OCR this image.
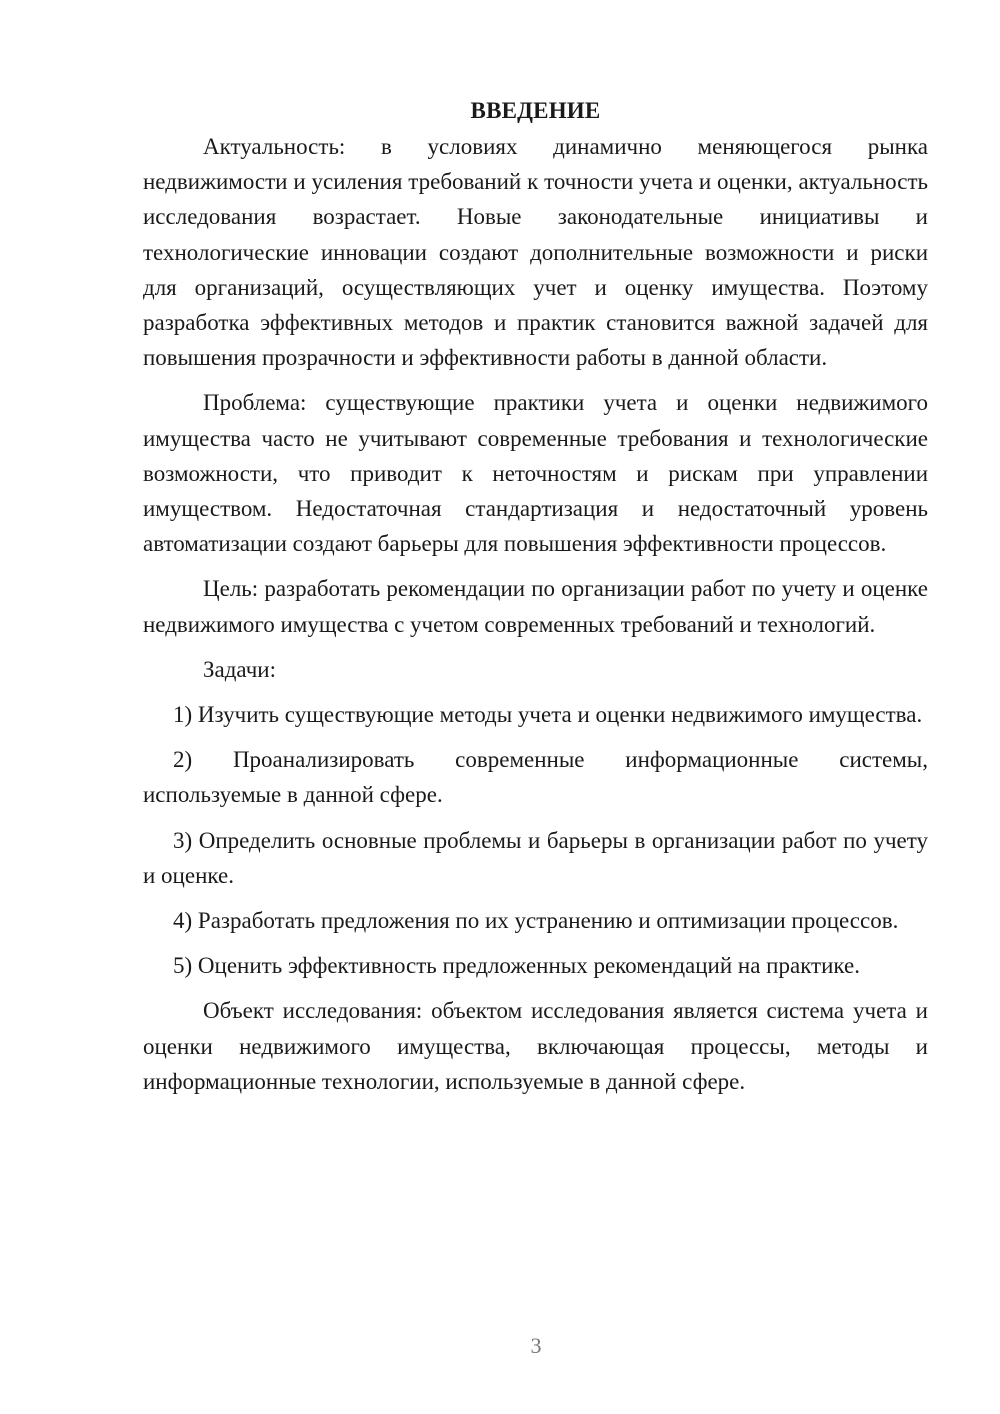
ВВЕДЕНИЕ

Актуальность: в условиях динамично меняющегося рынка недвижимости и усиления требований к точности учета и оценки, актуальность исследования возрастает. Новые законодательные инициативы и технологические инновации создают дополнительные возможности и риски для организаций, осуществляющих учет и оценку имущества. Поэтому разработка эффективных методов и практик становится важной задачей для повышения прозрачности и эффективности работы в данной области.

Проблема: существующие практики учета и оценки недвижимого имущества часто не учитывают современные требования и технологические возможности, что приводит к неточностям и рискам при управлении имуществом. Недостаточная стандартизация и недостаточный уровень автоматизации создают барьеры для повышения эффективности процессов.

Цель: разработать рекомендации по организации работ по учету и оценке недвижимого имущества с учетом современных требований и технологий.

Задачи:

1) Изучить существующие методы учета и оценки недвижимого имущества.

2) Проанализировать современные информационные системы, используемые в данной сфере.

3) Определить основные проблемы и барьеры в организации работ по учету и оценке.

4) Разработать предложения по их устранению и оптимизации процессов.

5) Оценить эффективность предложенных рекомендаций на практике.

Объект исследования: объектом исследования является система учета и оценки недвижимого имущества, включающая процессы, методы и информационные технологии, используемые в данной сфере.

3
